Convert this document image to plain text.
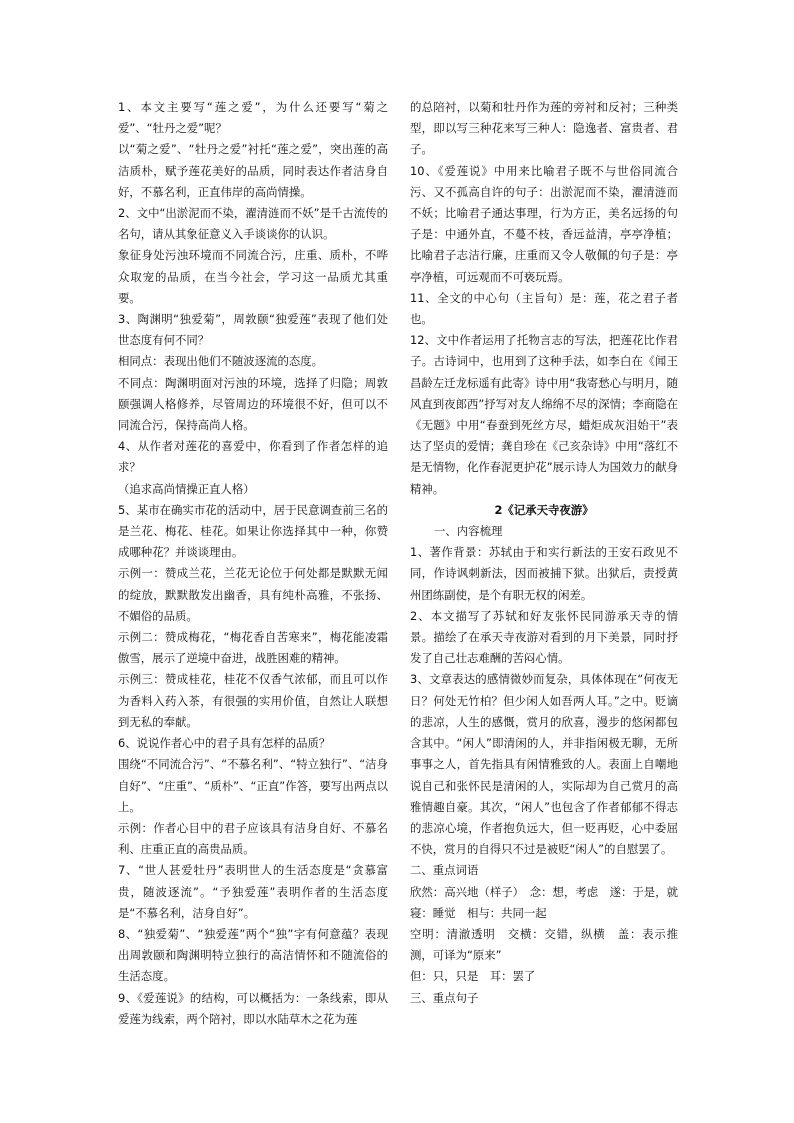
1、本文主要写“莲之爱”，为什么还要写“菊之爱”、“牡丹之爱”呢？

以“菊之爱”、“牡丹之爱”衬托“莲之爱”，突出莲的高洁质朴，赋予莲花美好的品质，同时表达作者洁身自好，不慕名利，正直伟岸的高尚情操。

2、文中“出淤泥而不染，濯清涟而不妖”是千古流传的名句，请从其象征意义入手谈谈你的认识。

象征身处污浊环境而不同流合污，庄重、质朴，不哗众取宠的品质，在当今社会，学习这一品质尤其重要。

3、陶渊明“独爱菊”，周敦颐“独爱莲”表现了他们处世态度有何不同？

相同点：表现出他们不随波逐流的态度。

不同点：陶渊明面对污浊的环境，选择了归隐；周敦颐强调人格修养，尽管周边的环境很不好，但可以不同流合污，保持高尚人格。

4、从作者对莲花的喜爱中，你看到了作者怎样的追求？

（追求高尚情操正直人格）

5、某市在确实市花的活动中，居于民意调查前三名的是兰花、梅花、桂花。如果让你选择其中一种，你赞成哪种花？并谈谈理由。

示例一：赞成兰花，兰花无论位于何处都是默默无闻的绽放，默默散发出幽香，具有纯朴高雅，不张扬、不媚俗的品质。

示例二：赞成梅花，“梅花香自苦寒来”，梅花能凌霜傲雪，展示了逆境中奋进，战胜困难的精神。

示例三：赞成桂花，桂花不仅香气浓郁，而且可以作为香料入药入茶，有很强的实用价值，自然让人联想到无私的奉献。

6、说说作者心中的君子具有怎样的品质？

围绕“不同流合污”、“不慕名利”、“特立独行”、“洁身自好”、“庄重”、“质朴”、“正直”作答，要写出两点以上。

示例：作者心目中的君子应该具有洁身自好、不慕名利、庄重正直的高贵品质。

7、“世人甚爱牡丹”表明世人的生活态度是“贪慕富贵，随波逐流”。“予独爱莲”表明作者的生活态度是“不慕名利，洁身自好”。

8、“独爱菊”、“独爱莲”两个“独”字有何意蕴？表现出周敦颐和陶渊明特立独行的高洁情怀和不随流俗的生活态度。

9、《爱莲说》的结构，可以概括为：一条线索，即从爱莲为线索，两个陪衬，即以水陆草木之花为莲

的总陪衬，以菊和牡丹作为莲的旁衬和反衬；三种类型，即以写三种花来写三种人：隐逸者、富贵者、君子。

10、《爱莲说》中用来比喻君子既不与世俗同流合污、又不孤高自许的句子：出淤泥而不染，濯清涟而不妖；比喻君子通达事理，行为方正，美名远扬的句子是：中通外直，不蔓不枝，香远益清，亭亭净植；比喻君子志洁行廉，庄重而又令人敬佩的句子是：亭亭净植，可远观而不可亵玩焉。

11、全文的中心句（主旨句）是：莲，花之君子者也。

12、文中作者运用了托物言志的写法，把莲花比作君子。古诗词中，也用到了这种手法，如李白在《闻王昌龄左迁龙标遥有此寄》诗中用“我寄愁心与明月，随风直到夜郎西”抒写对友人绵绵不尽的深情；李商隐在《无题》中用“春蚕到死丝方尽，蜡炬成灰泪始干”表达了坚贞的爱情；龚自珍在《己亥杂诗》中用“落红不是无情物，化作春泥更护花”展示诗人为国效力的献身精神。

2《记承天寺夜游》

一、内容梳理

1、著作背景：苏轼由于和实行新法的王安石政见不同，作诗讽刺新法，因而被捕下狱。出狱后，责授黄州团练副使，是个有职无权的闲差。

2、本文描写了苏轼和好友张怀民同游承天寺的情景。描绘了在承天寺夜游对看到的月下美景，同时抒发了自己壮志难酬的苦闷心情。

3、文章表达的感情微妙而复杂，具体体现在“何夜无日？何处无竹柏？但少闲人如吾两人耳。”之中。贬谪的悲凉，人生的感慨，赏月的欣喜，漫步的悠闲都包含其中。“闲人”即清闲的人，并非指闲极无聊，无所事事之人，首先指具有闲情雅致的人。表面上自嘲地说自己和张怀民是清闲的人，实际却为自己赏月的高雅情趣自豪。其次，“闲人”也包含了作者郁郁不得志的悲凉心境，作者抱负远大，但一贬再贬，心中委屈不快，赏月的自得只不过是被贬“闲人”的自慰罢了。

二、重点词语

欣然：高兴地（样子）　念：想，考虑　遂：于是，就　寝：睡觉　相与：共同一起

空明：清澈透明　交横：交错，纵横　盖：表示推测，可译为“原来”

但：只，只是　耳：罢了

三、重点句子
